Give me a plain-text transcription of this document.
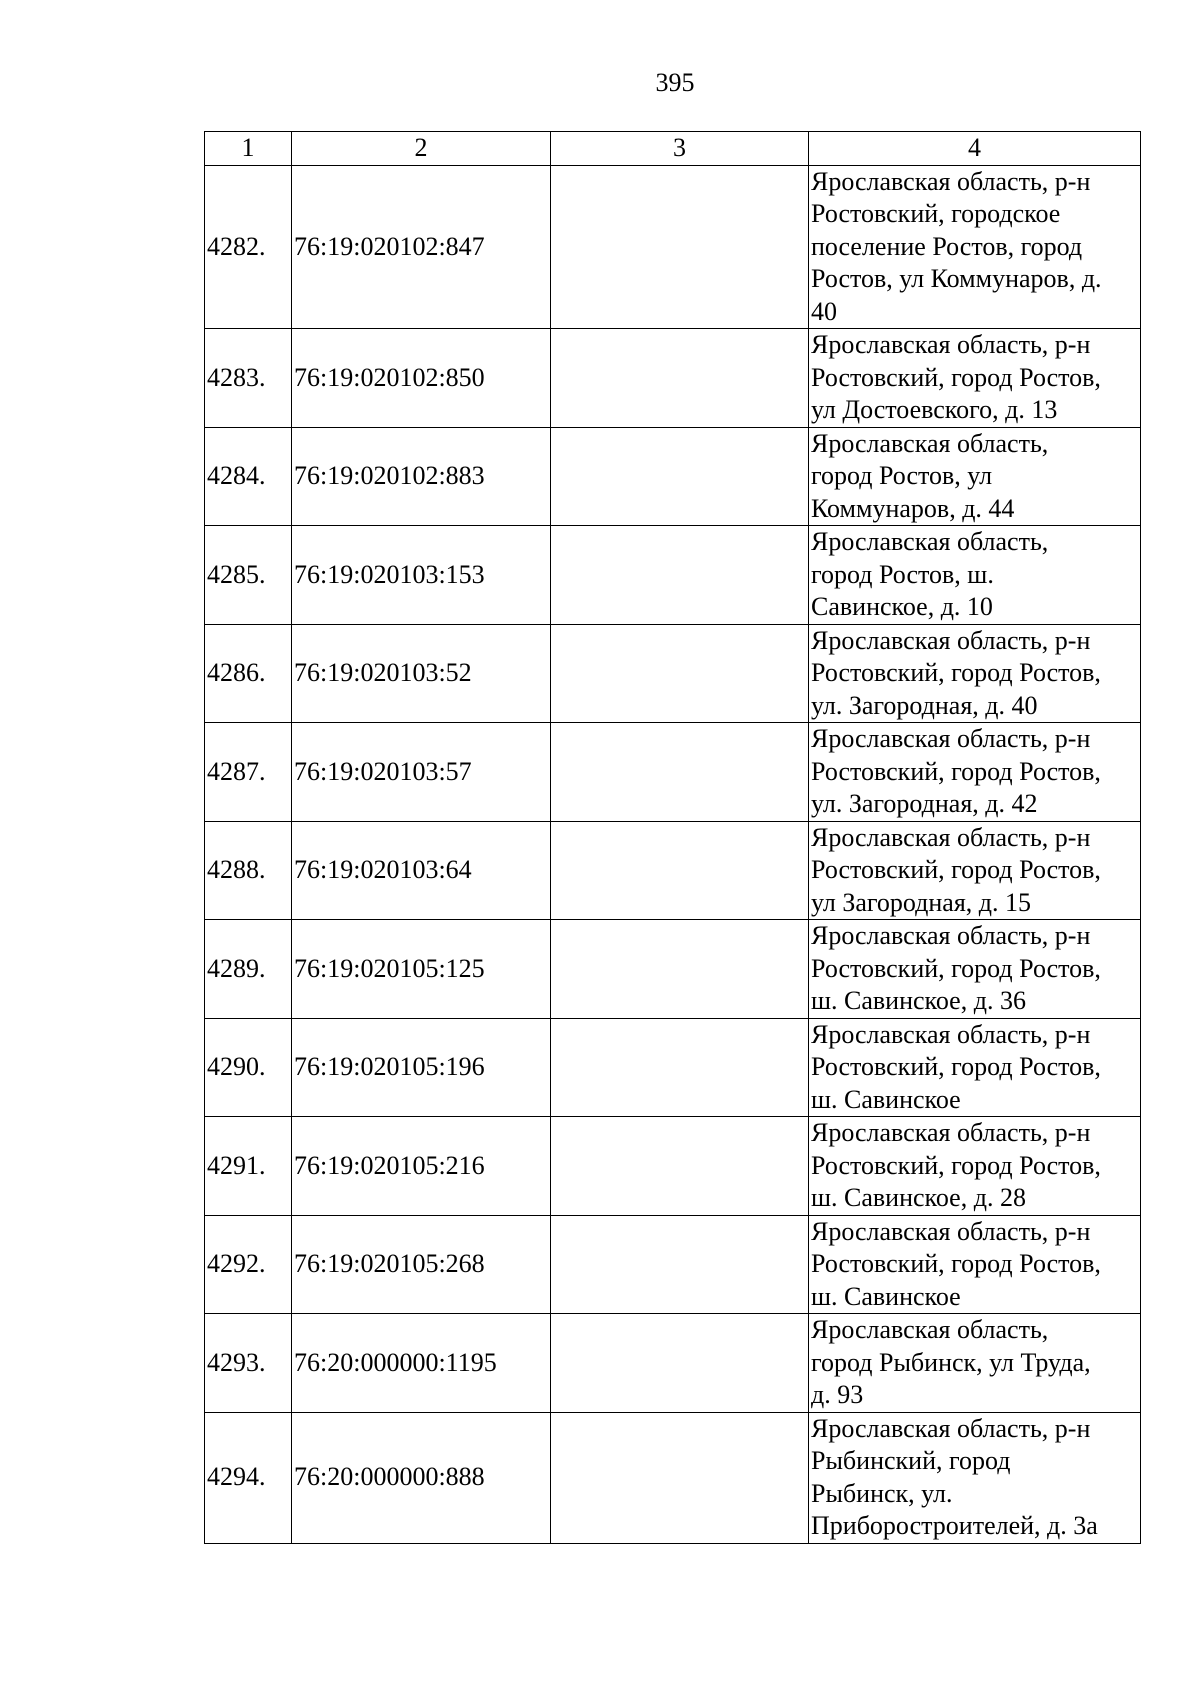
395
1	2	3	4
4282.	76:19:020102:847		Ярославская область, р-н
Ростовский, городское
поселение Ростов, город
Ростов, ул Коммунаров, д.
40

4283.	76:19:020102:850		Ярославская область, р-н
Ростовский, город Ростов,
ул Достоевского, д. 13

4284.	76:19:020102:883		Ярославская область,
город Ростов, ул
Коммунаров, д. 44

4285.	76:19:020103:153		Ярославская область,
город Ростов, ш.
Савинское, д. 10

4286.	76:19:020103:52		Ярославская область, р-н
Ростовский, город Ростов,
ул. Загородная, д. 40

4287.	76:19:020103:57		Ярославская область, р-н
Ростовский, город Ростов,
ул. Загородная, д. 42

4288.	76:19:020103:64		Ярославская область, р-н
Ростовский, город Ростов,
ул Загородная, д. 15

4289.	76:19:020105:125		Ярославская область, р-н
Ростовский, город Ростов,
ш. Савинское, д. 36

4290.	76:19:020105:196		Ярославская область, р-н
Ростовский, город Ростов,
ш. Савинское

4291.	76:19:020105:216		Ярославская область, р-н
Ростовский, город Ростов,
ш. Савинское, д. 28

4292.	76:19:020105:268		Ярославская область, р-н
Ростовский, город Ростов,
ш. Савинское

4293.	76:20:000000:1195		Ярославская область,
город Рыбинск, ул Труда,
д. 93

4294.	76:20:000000:888		Ярославская область, р-н
Рыбинский, город
Рыбинск, ул.
Приборостроителей, д. 3а
